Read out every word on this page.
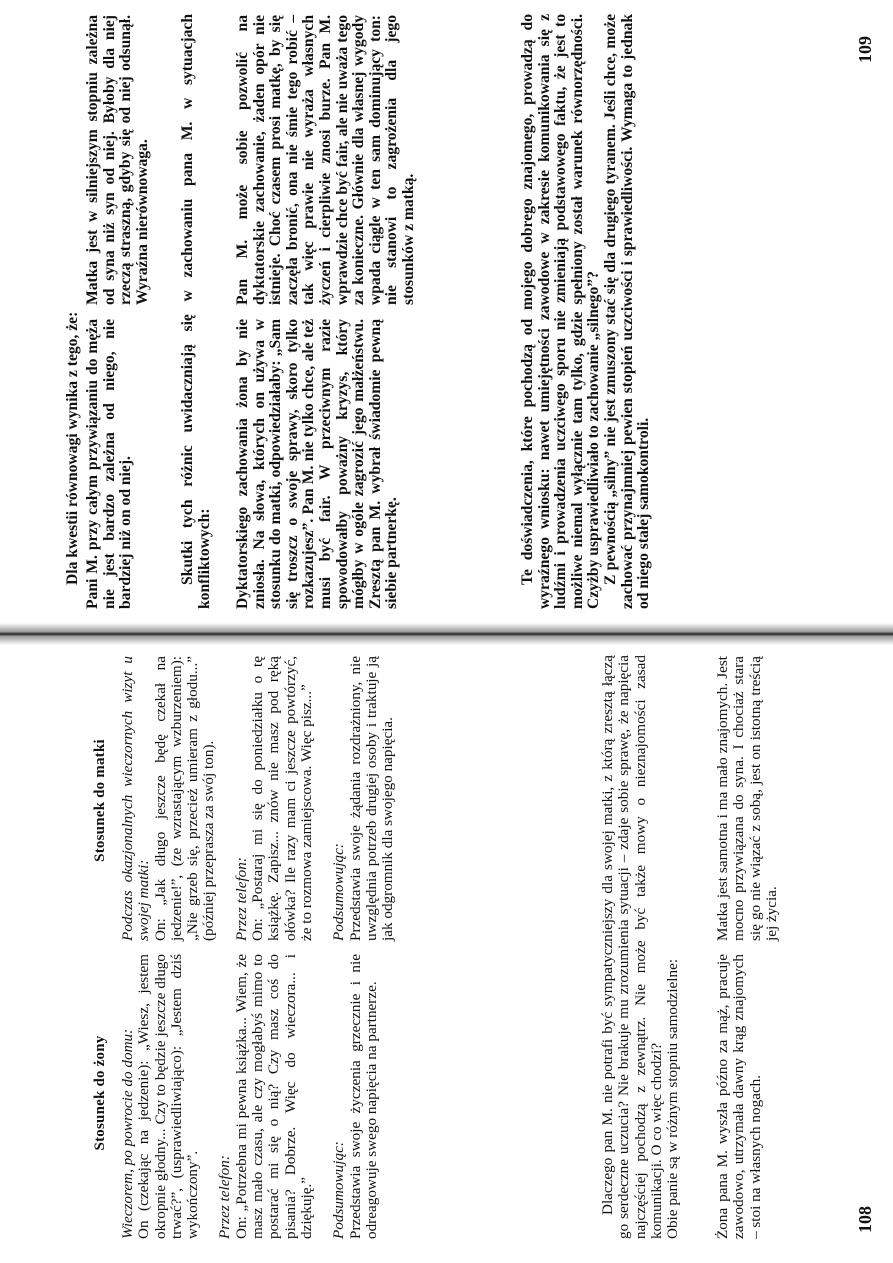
Stosunek do żony
Stosunek do matki

Wieczorem, po powrocie do domu: On (czekając na jedzenie): „Wiesz, jestem okropnie głodny... Czy to będzie jeszcze długo trwać?”, (usprawiedliwiająco): „Jestem dziś wykończony”. Przez telefon: On: „Potrzebna mi pewna książka... Wiem, że masz mało czasu, ale czy mogłabyś mimo to postarać mi się o nią? Czy masz coś do pisania? Dobrze. Więc do wieczora... i dziękuję.” Podsumowując: Przedstawia swoje życzenia grzecznie i nie odreagowuje swego napięcia na partnerze.

Podczas okazjonalnych wieczornych wizyt u swojej matki: On: „Jak długo jeszcze będę czekał na jedzenie!”, (ze wzrastającym wzburzeniem): „Nie grzeb się, przecież umieram z głodu...” (później przeprasza za swój ton). Przez telefon: On: „Postaraj mi się do poniedziałku o tę książkę. Zapisz... znów nie masz pod ręką ołówka? Ile razy mam ci jeszcze powtórzyć, że to rozmowa zamiejscowa. Więc pisz...” Podsumowując: Przedstawia swoje żądania rozdrażniony, nie uwzględnia potrzeb drugiej osoby i traktuje ją jak odgromnik dla swojego napięcia.	Dlaczego pan M. nie potrafi być sympatyczniejszy dla swojej matki, z którą zresztą łączą go serdeczne uczucia? Nie brakuje mu zrozumienia sytuacji – zdaje sobie sprawę, że napięcia najczęściej pochodzą z zewnątrz. Nie może być także mowy o nieznajomości zasad komunikacji. O co więc chodzi? Obie panie są w różnym stopniu samodzielne: Żona pana M. wyszła późno za mąż, pracuje zawodowo, utrzymała dawny krąg znajomych – stoi na własnych nogach.
Matka jest samotna i ma mało znajomych. Jest mocno przywiązana do syna. I chociaż stara się go nie wiązać z sobą, jest on istotną treścią jej życia.
108

Dla kwestii równowagi wynika z tego, że: Pani M. przy całym przywiązaniu do męża nie jest bardzo zależna od niego, nie bardziej niż on od niej.
Matka jest w silniejszym stopniu zależna od syna niż syn od niej. Byłoby dla niej rzeczą straszną, gdyby się od niej odsunął. Wyraźna nierównowaga. Skutki tych różnic uwidaczniają się w zachowaniu pana M. w sytuacjach konfliktowych: Dyktatorskiego zachowania żona by nie zniosła. Na słowa, których on używa w stosunku do matki, odpowiedziałaby: „Sam się troszcz o swoje sprawy, skoro tylko rozkazujesz”. Pan M. nie tylko chce, ale też musi być fair. W przeciwnym razie spowodowałby poważny kryzys, który mógłby w ogóle zagrozić jego małżeństwu. Zresztą pan M. wybrał świadomie pewną siebie partnerkę.
Pan M. może sobie pozwolić na dyktatorskie zachowanie, żaden opór nie istnieje. Choć czasem prosi matkę, by się zaczęła bronić, ona nie śmie tego robić – tak więc prawie nie wyraża własnych życzeń i cierpliwie znosi burze. Pan M. wprawdzie chce być fair, ale nie uważa tego za konieczne. Głównie dla własnej wygody wpada ciągle w ten sam dominujący ton: nie stanowi to zagrożenia dla jego stosunków z matką.	Te doświadczenia, które pochodzą od mojego dobrego znajomego, prowadzą do wyraźnego wniosku: nawet umiejętności zawodowe w zakresie komunikowania się z ludźmi i prowadzenia uczciwego sporu nie zmieniają podstawowego faktu, że jest to możliwe niemal wyłącznie tam tylko, gdzie spełniony został warunek równorzędności. Czyżby usprawiedliwiało to zachowanie „silnego”? Z pewnością „silny” nie jest zmuszony stać się dla drugiego tyranem. Jeśli chce, może zachować przynajmniej pewien stopień uczciwości i sprawiedliwości. Wymaga to jednak od niego stałej samokontroli.

109
